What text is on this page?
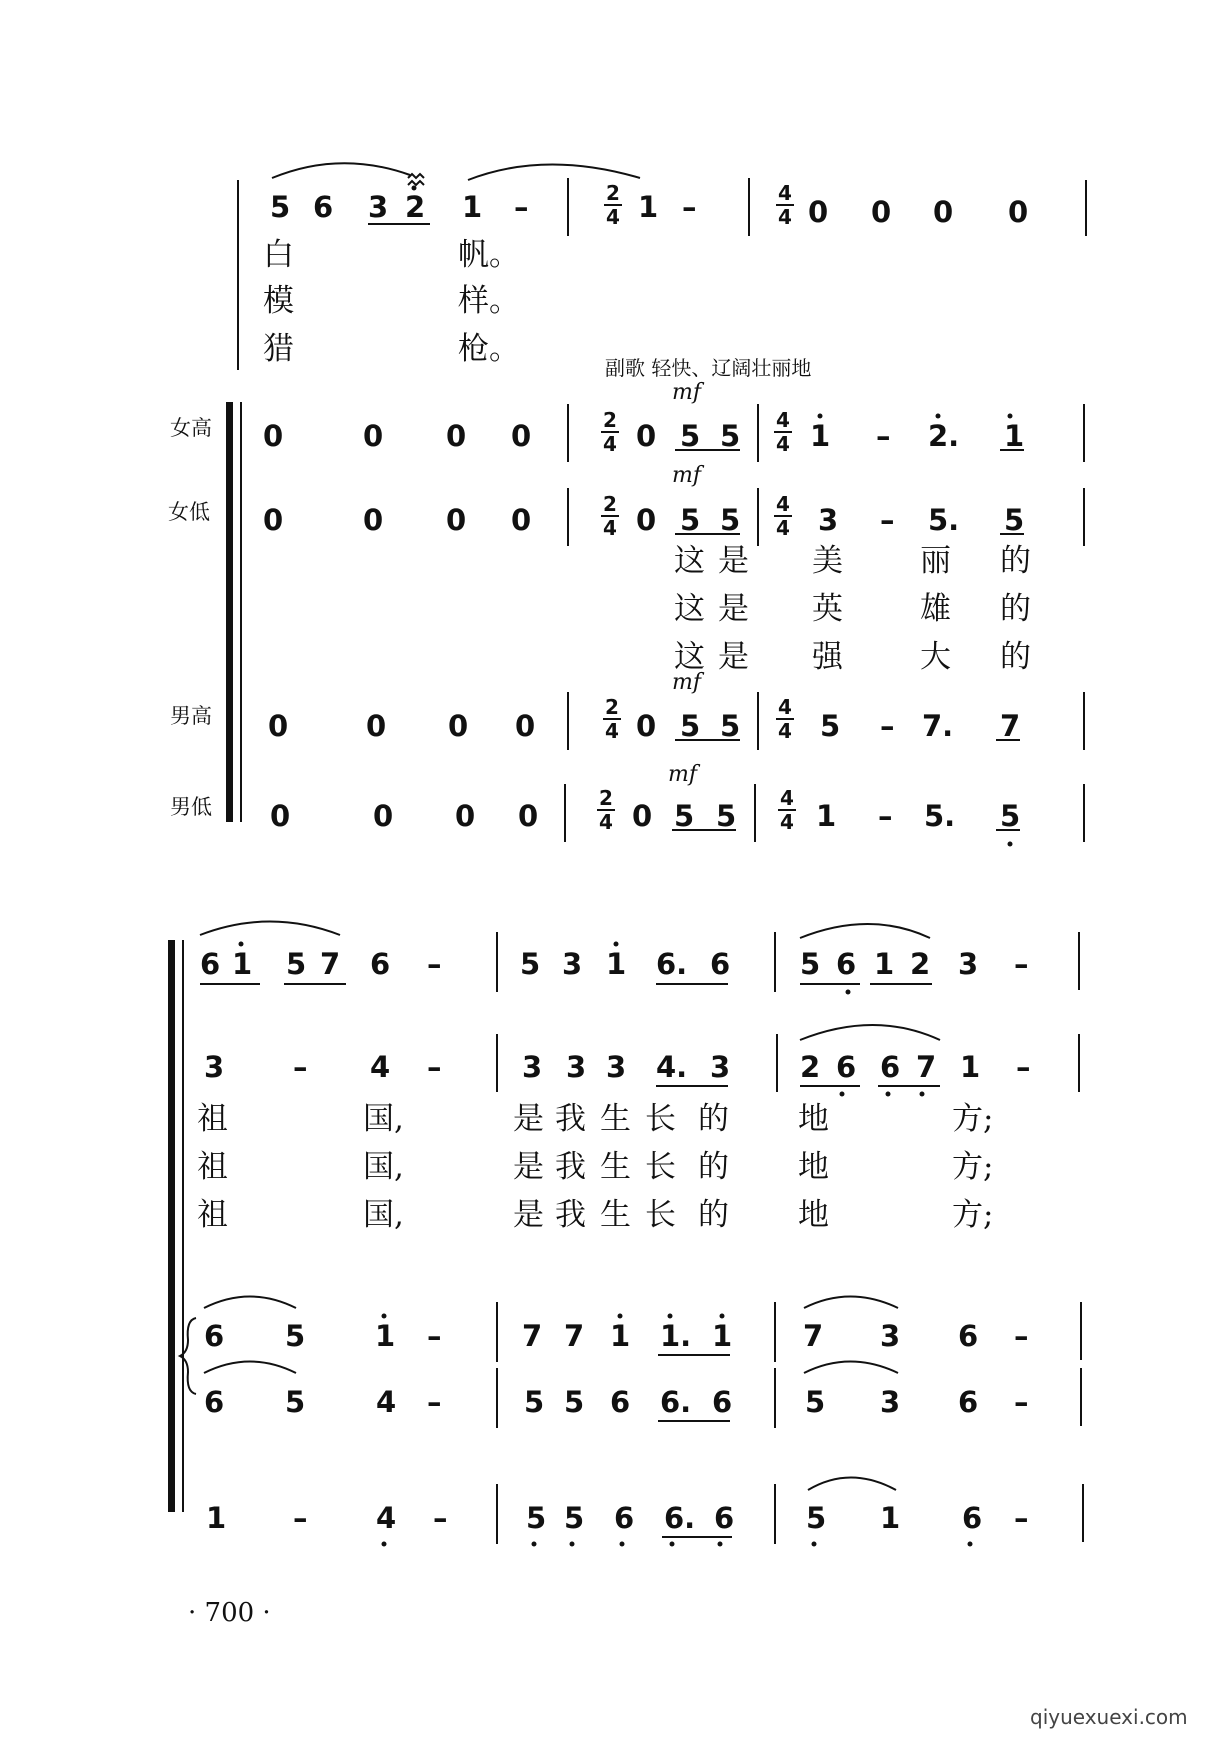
5 6 3 2 1 –	2
4 1 –	4
4 0 0 0 0
白	帆。
模	样。
猎	枪。
副歌 轻快、辽阔壮丽地
女高 0	0 0 0	2
4
mf
0 5 5 4
4 1 – 2. 1
女低 0	0 0 0	2
4
mf
0 5 5 4
4 3 – 5. 5
这 是 美 丽 的
这 是 英 雄 的
这 是 强 大 的
男高 0	0 0 0
2
4
mf
0 5 5
4
4 5 – 7. 7
男低 0	0 0 0
2
4
mf
0 5 5
4
4 1 – 5. 5
6 1 5 7 6 –	5 3 1 6. 6 5 6 1 2 3 –
3 – 4 –	3 3 3 4. 3 2 6 6 7 1 –
祖	国,	是 我 生 长 的 地	方;
祖	国,	是 我 生 长 的 地	方;
祖	国,	是 我 生 长 的 地	方;
6 5 1 –	7 7 1 1. 1 7 3 6 –
6 5 4 –	5 5 6 6. 6	5 3 6 –
1 – 4 –	5 5 6 6. 6 5 1 6 –
· 700 ·
qiyuexuexi.com
